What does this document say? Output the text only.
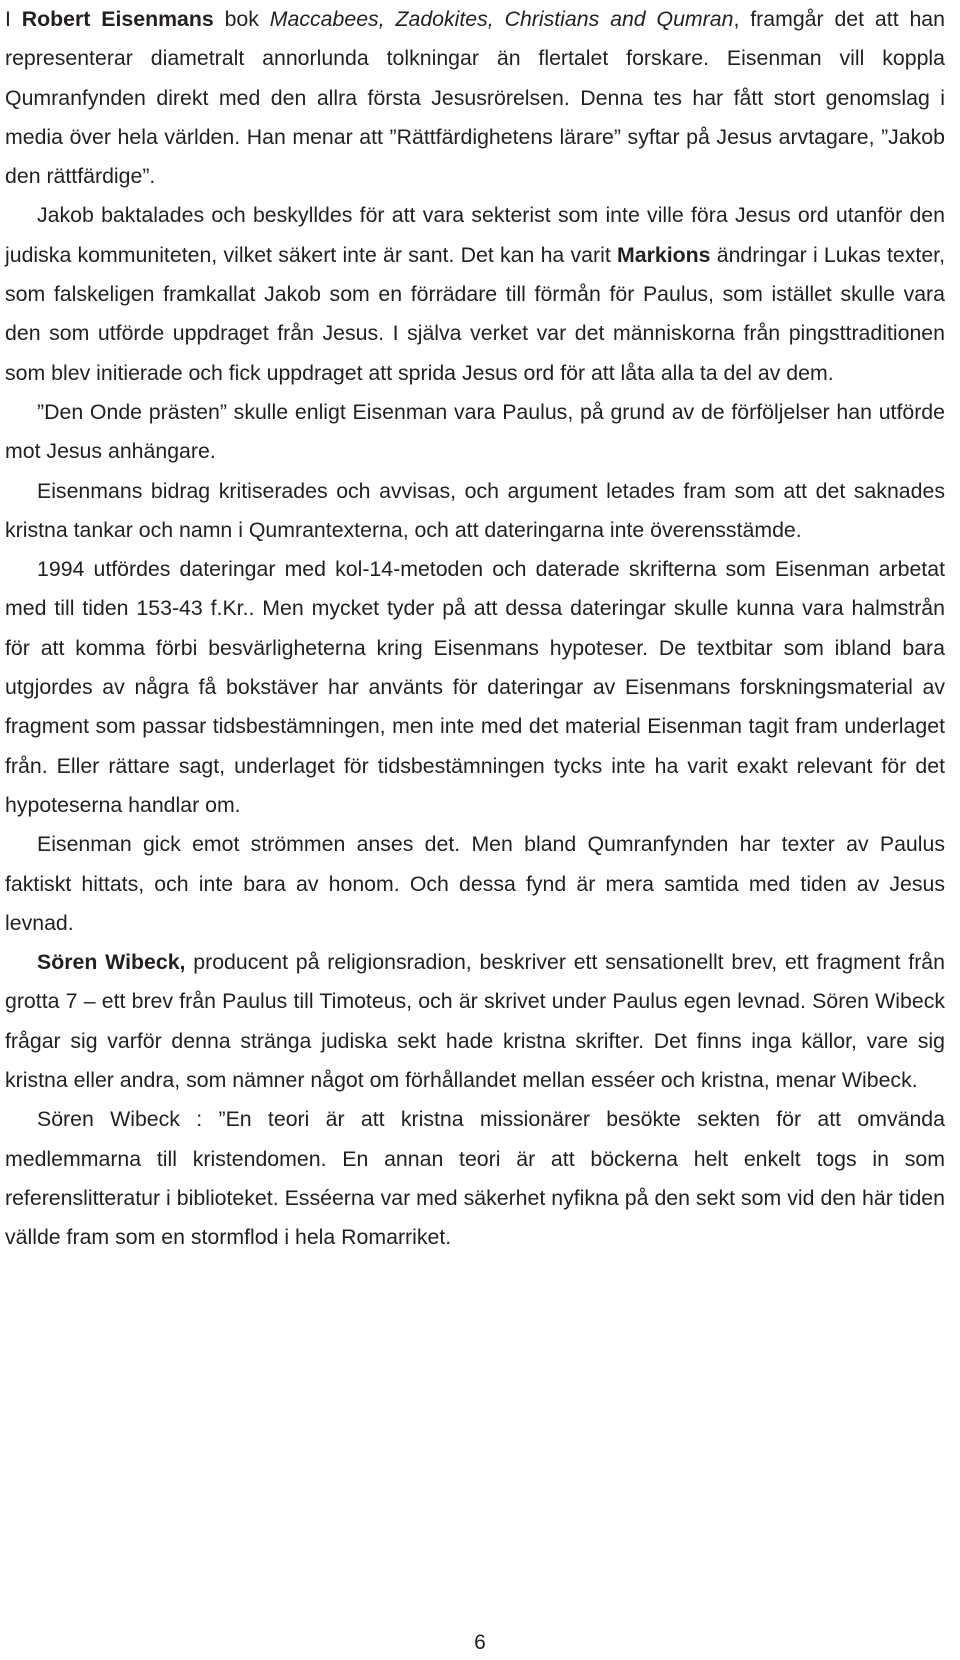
I Robert Eisenmans bok Maccabees, Zadokites, Christians and Qumran, framgår det att han representerar diametralt annorlunda tolkningar än flertalet forskare. Eisenman vill koppla Qumranfynden direkt med den allra första Jesusrörelsen. Denna tes har fått stort genomslag i media över hela världen. Han menar att ”Rättfärdighetens lärare” syftar på Jesus arvtagare, ”Jakob den rättfärdige”.

Jakob baktalades och beskylldes för att vara sekterist som inte ville föra Jesus ord utanför den judiska kommuniteten, vilket säkert inte är sant. Det kan ha varit Markions ändringar i Lukas texter, som falskeligen framkallat Jakob som en förrädare till förmån för Paulus, som istället skulle vara den som utförde uppdraget från Jesus. I själva verket var det människorna från pingsttraditionen som blev initierade och fick uppdraget att sprida Jesus ord för att låta alla ta del av dem.

”Den Onde prästen” skulle enligt Eisenman vara Paulus, på grund av de förföljelser han utförde mot Jesus anhängare.

Eisenmans bidrag kritiserades och avvisas, och argument letades fram som att det saknades kristna tankar och namn i Qumrantexterna, och att dateringarna inte överensstämde.

1994 utfördes dateringar med kol-14-metoden och daterade skrifterna som Eisenman arbetat med till tiden 153-43 f.Kr.. Men mycket tyder på att dessa dateringar skulle kunna vara halmstrån för att komma förbi besvärligheterna kring Eisenmans hypoteser. De textbitar som ibland bara utgjordes av några få bokstäver har använts för dateringar av Eisenmans forskningsmaterial av fragment som passar tidsbestämningen, men inte med det material Eisenman tagit fram underlaget från. Eller rättare sagt, underlaget för tidsbestämningen tycks inte ha varit exakt relevant för det hypoteserna handlar om.

Eisenman gick emot strömmen anses det. Men bland Qumranfynden har texter av Paulus faktiskt hittats, och inte bara av honom. Och dessa fynd är mera samtida med tiden av Jesus levnad.

Sören Wibeck, producent på religionsradion, beskriver ett sensationellt brev, ett fragment från grotta 7 – ett brev från Paulus till Timoteus, och är skrivet under Paulus egen levnad. Sören Wibeck frågar sig varför denna stränga judiska sekt hade kristna skrifter. Det finns inga källor, vare sig kristna eller andra, som nämner något om förhållandet mellan esséer och kristna, menar Wibeck.

Sören Wibeck : ”En teori är att kristna missionärer besökte sekten för att omvända medlemmarna till kristendomen. En annan teori är att böckerna helt enkelt togs in som referenslitteratur i biblioteket. Esséerna var med säkerhet nyfikna på den sekt som vid den här tiden vällde fram som en stormflod i hela Romarriket.

6
